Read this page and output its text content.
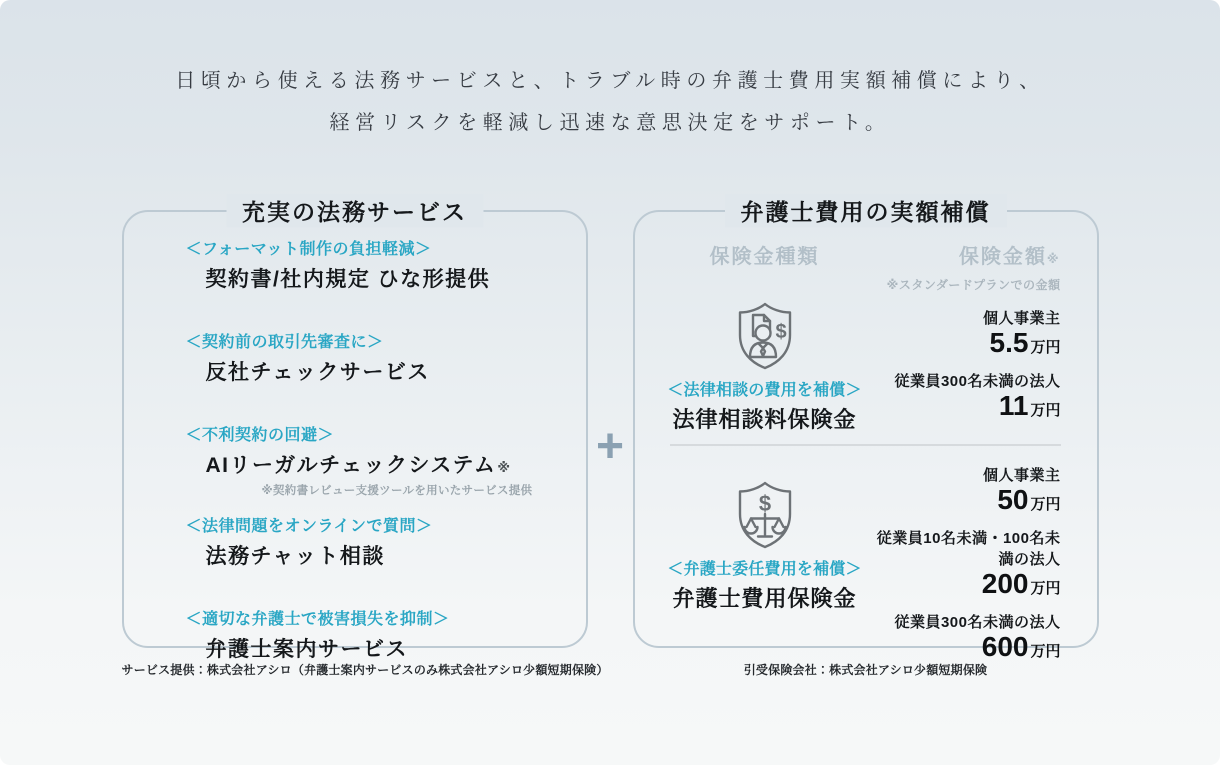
日頃から使える法務サービスと、トラブル時の弁護士費用実額補償により、
経営リスクを軽減し迅速な意思決定をサポート。
充実の法務サービス
＜フォーマット制作の負担軽減＞
契約書/社内規定 ひな形提供
＜契約前の取引先審査に＞
反社チェックサービス
＜不利契約の回避＞
AIリーガルチェックシステム※
※契約書レビュー支援ツールを用いたサービス提供
＜法律問題をオンラインで質問＞
法務チャット相談
＜適切な弁護士で被害損失を抑制＞
弁護士案内サービス
+
弁護士費用の実額補償
保険金種類	保険金額※
※スタンダードプランでの金額
$
＜法律相談の費用を補償＞
法律相談料保険金
個人事業主
5.5 万円
従業員300名未満の法人
11 万円
$
＜弁護士委任費用を補償＞
弁護士費用保険金
個人事業主
50 万円
従業員10名未満・100名未満の法人
200 万円
従業員300名未満の法人
600 万円
サービス提供：株式会社アシロ（弁護士案内サービスのみ株式会社アシロ少額短期保険）	引受保険会社：株式会社アシロ少額短期保険
